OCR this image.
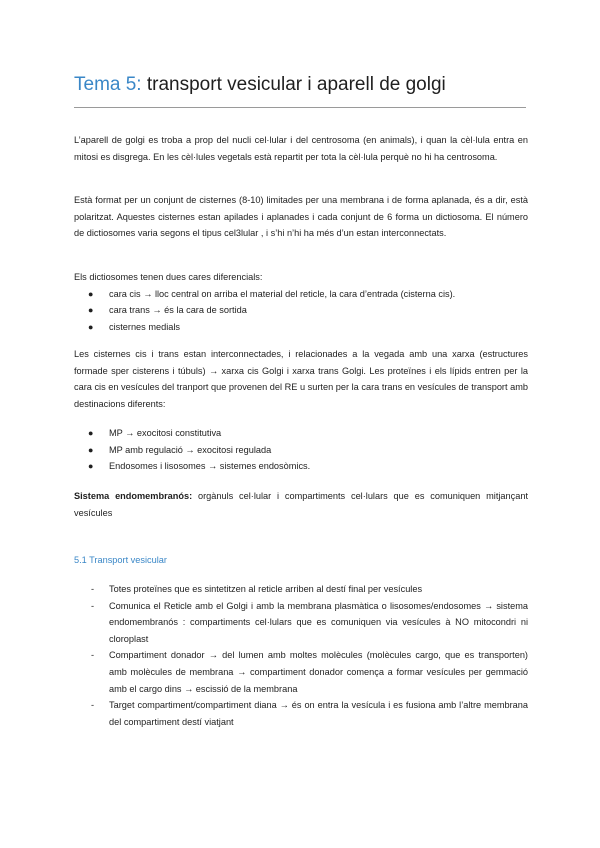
Tema 5: transport vesicular i aparell de golgi

L’aparell de golgi es troba a prop del nucli cel·lular i del centrosoma (en animals), i quan la cèl·lula entra en mitosi es disgrega. En les cèl·lules vegetals està repartit per tota la cèl·lula perquè no hi ha centrosoma.

Està format per un conjunt de cisternes (8-10) limitades per una membrana i de forma aplanada, és a dir, està polaritzat. Aquestes cisternes estan apilades i aplanades i cada conjunt de 6 forma un dictiosoma. El número de dictiosomes varia segons el tipus cel3lular , i s’hi n’hi ha més d’un estan interconnectats.

Els dictiosomes tenen dues cares diferencials:

● cara cis → lloc central on arriba el material del reticle, la cara d’entrada (cisterna cis).
● cara trans → és la cara de sortida
● cisternes medials

Les cisternes cis i trans estan interconnectades, i relacionades a la vegada amb una xarxa (estructures formade sper cisterens i túbuls) → xarxa cis Golgi i xarxa trans Golgi. Les proteïnes i els lípids entren per la cara cis en vesícules del tranport que provenen del RE u surten per la cara trans en vesícules de transport amb destinacions diferents:

● MP → exocitosi constitutiva
● MP amb regulació → exocitosi regulada
● Endosomes i lisosomes → sistemes endosòmics.

Sistema endomembranós: orgànuls cel·lular i compartiments cel·lulars que es comuniquen mitjançant vesícules

5.1 Transport vesicular
- Totes proteïnes que es sintetitzen al reticle arriben al destí final per vesícules
- Comunica el Reticle amb el Golgi i amb la membrana plasmàtica o lisosomes/endosomes → sistema endomembranós : compartiments cel·lulars que es comuniquen via vesícules à NO mitocondri ni cloroplast
- Compartiment donador → del lumen amb moltes molècules (molècules cargo, que es transporten) amb molècules de membrana → compartiment donador comença a formar vesícules per gemmació amb el cargo dins → escissió de la membrana
- Target compartiment/compartiment diana → és on entra la vesícula i es fusiona amb l’altre membrana del compartiment destí viatjant
